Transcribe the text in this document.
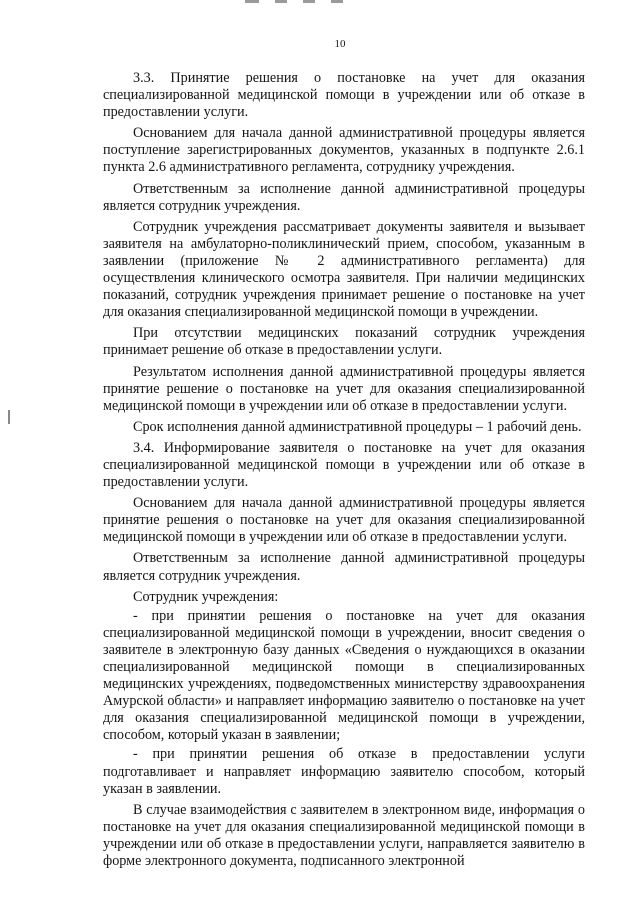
10

3.3. Принятие решения о постановке на учет для оказания специализированной медицинской помощи в учреждении или об отказе в предоставлении услуги.

Основанием для начала данной административной процедуры является поступление зарегистрированных документов, указанных в подпункте 2.6.1 пункта 2.6 административного регламента, сотруднику учреждения.

Ответственным за исполнение данной административной процедуры является сотрудник учреждения.

Сотрудник учреждения рассматривает документы заявителя и вызывает заявителя на амбулаторно-поликлинический прием, способом, указанным в заявлении (приложение № 2 административного регламента) для осуществления клинического осмотра заявителя. При наличии медицинских показаний, сотрудник учреждения принимает решение о постановке на учет для оказания специализированной медицинской помощи в учреждении.

При отсутствии медицинских показаний сотрудник учреждения принимает решение об отказе в предоставлении услуги.

Результатом исполнения данной административной процедуры является принятие решение о постановке на учет для оказания специализированной медицинской помощи в учреждении или об отказе в предоставлении услуги.

Срок исполнения данной административной процедуры – 1 рабочий день.

3.4. Информирование заявителя о постановке на учет для оказания специализированной медицинской помощи в учреждении или об отказе в предоставлении услуги.

Основанием для начала данной административной процедуры является принятие решения о постановке на учет для оказания специализированной медицинской помощи в учреждении или об отказе в предоставлении услуги.

Ответственным за исполнение данной административной процедуры является сотрудник учреждения.

Сотрудник учреждения:

- при принятии решения о постановке на учет для оказания специализированной медицинской помощи в учреждении, вносит сведения о заявителе в электронную базу данных «Сведения о нуждающихся в оказании специализированной медицинской помощи в специализированных медицинских учреждениях, подведомственных министерству здравоохранения Амурской области» и направляет информацию заявителю о постановке на учет для оказания специализированной медицинской помощи в учреждении, способом, который указан в заявлении;

- при принятии решения об отказе в предоставлении услуги подготавливает и направляет информацию заявителю способом, который указан в заявлении.

В случае взаимодействия с заявителем в электронном виде, информация о постановке на учет для оказания специализированной медицинской помощи в учреждении или об отказе в предоставлении услуги, направляется заявителю в форме электронного документа, подписанного электронной
